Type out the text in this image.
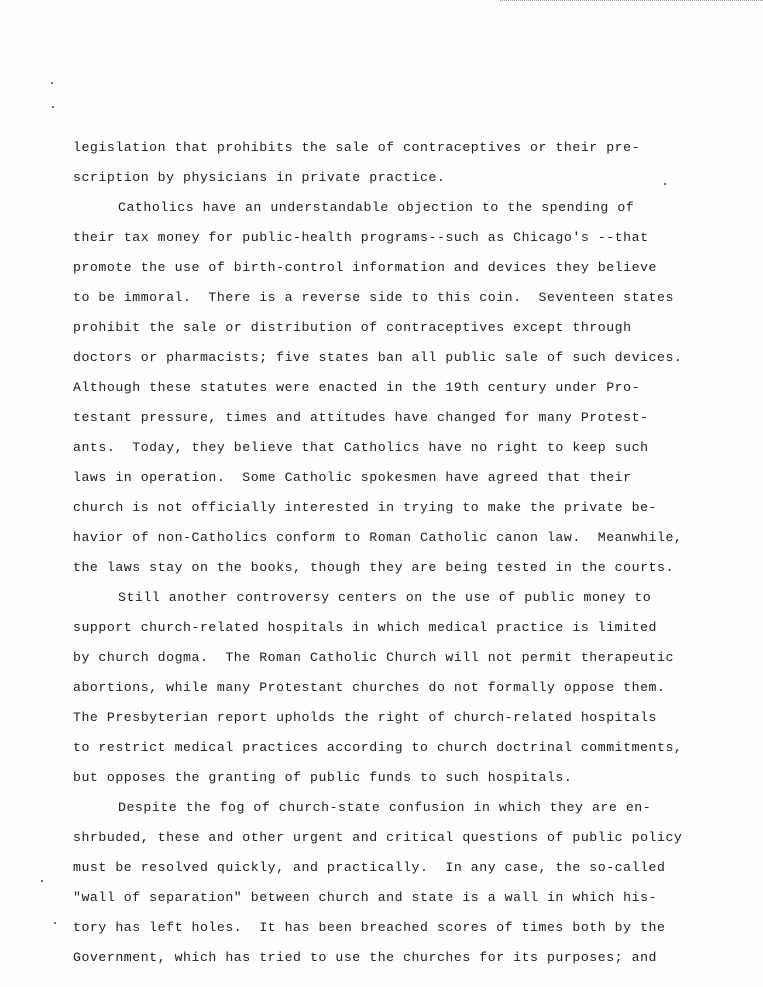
legislation that prohibits the sale of contraceptives or their pre-
scription by physicians in private practice.
Catholics have an understandable objection to the spending of
their tax money for public-health programs--such as Chicago's --that
promote the use of birth-control information and devices they believe
to be immoral.  There is a reverse side to this coin.  Seventeen states
prohibit the sale or distribution of contraceptives except through
doctors or pharmacists; five states ban all public sale of such devices.
Although these statutes were enacted in the 19th century under Pro-
testant pressure, times and attitudes have changed for many Protest-
ants.  Today, they believe that Catholics have no right to keep such
laws in operation.  Some Catholic spokesmen have agreed that their
church is not officially interested in trying to make the private be-
havior of non-Catholics conform to Roman Catholic canon law.  Meanwhile,
the laws stay on the books, though they are being tested in the courts.
Still another controversy centers on the use of public money to
support church-related hospitals in which medical practice is limited
by church dogma.  The Roman Catholic Church will not permit therapeutic
abortions, while many Protestant churches do not formally oppose them.
The Presbyterian report upholds the right of church-related hospitals
to restrict medical practices according to church doctrinal commitments,
but opposes the granting of public funds to such hospitals.
Despite the fog of church-state confusion in which they are en-
shrbuded, these and other urgent and critical questions of public policy
must be resolved quickly, and practically.  In any case, the so-called
"wall of separation" between church and state is a wall in which his-
tory has left holes.  It has been breached scores of times both by the
Government, which has tried to use the churches for its purposes; and
